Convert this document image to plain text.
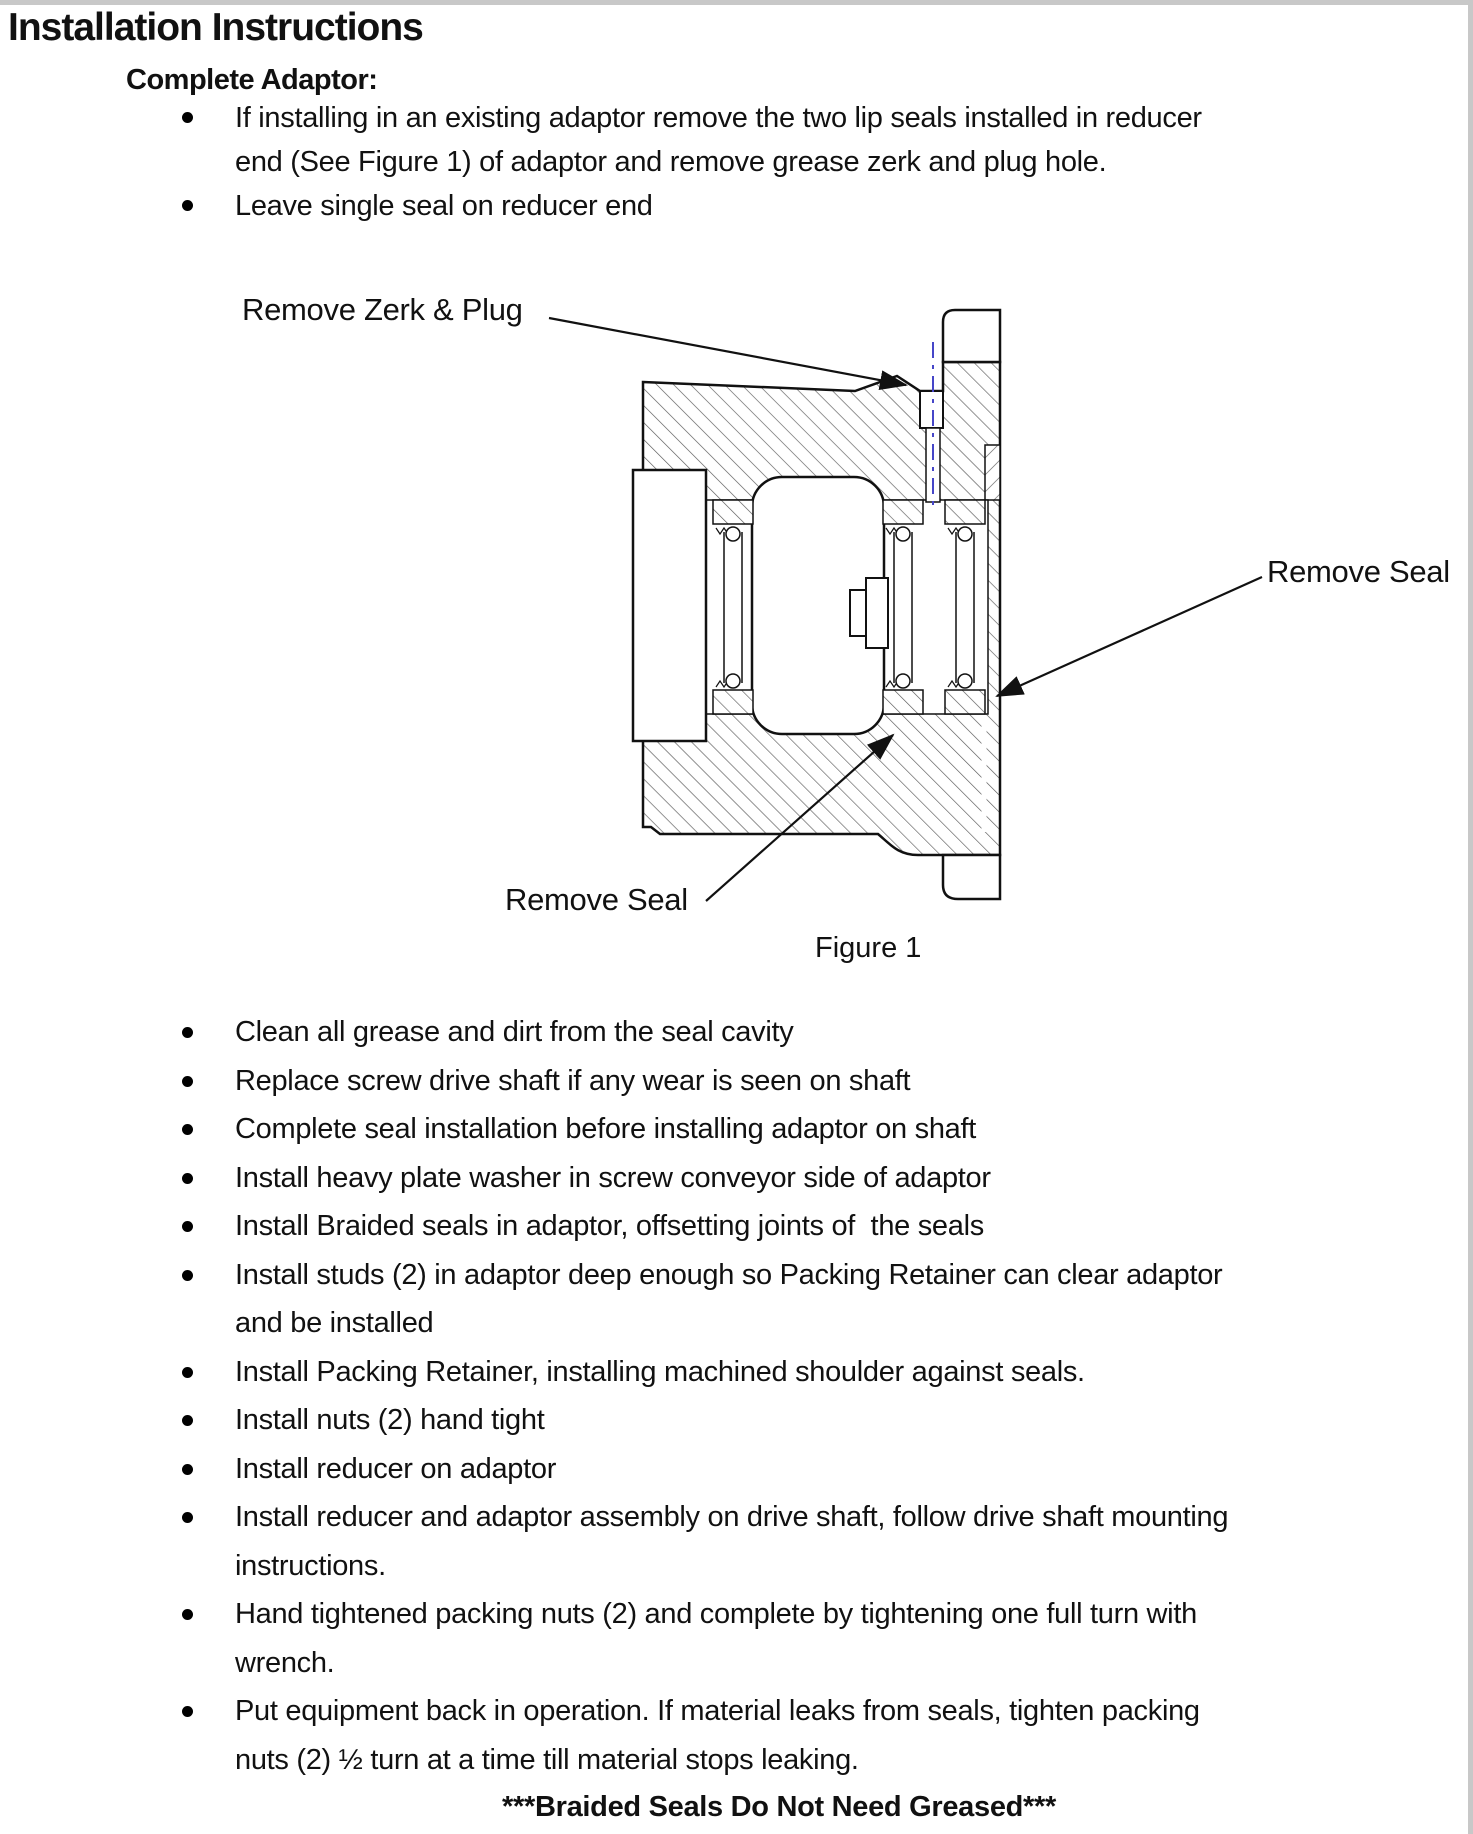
Installation Instructions
Complete Adaptor:
If installing in an existing adaptor remove the two lip seals installed in reducer
end (See Figure 1) of adaptor and remove grease zerk and plug hole.
Leave single seal on reducer end
Remove Zerk & Plug
Remove Seal
Remove Seal
Figure 1
Clean all grease and dirt from the seal cavity
Replace screw drive shaft if any wear is seen on shaft
Complete seal installation before installing adaptor on shaft
Install heavy plate washer in screw conveyor side of adaptor
Install Braided seals in adaptor, offsetting joints of  the seals
Install studs (2) in adaptor deep enough so Packing Retainer can clear adaptor
and be installed
Install Packing Retainer, installing machined shoulder against seals.
Install nuts (2) hand tight
Install reducer on adaptor
Install reducer and adaptor assembly on drive shaft, follow drive shaft mounting
instructions.
Hand tightened packing nuts (2) and complete by tightening one full turn with
wrench.
Put equipment back in operation. If material leaks from seals, tighten packing
nuts (2) ½ turn at a time till material stops leaking.

***Braided Seals Do Not Need Greased***
